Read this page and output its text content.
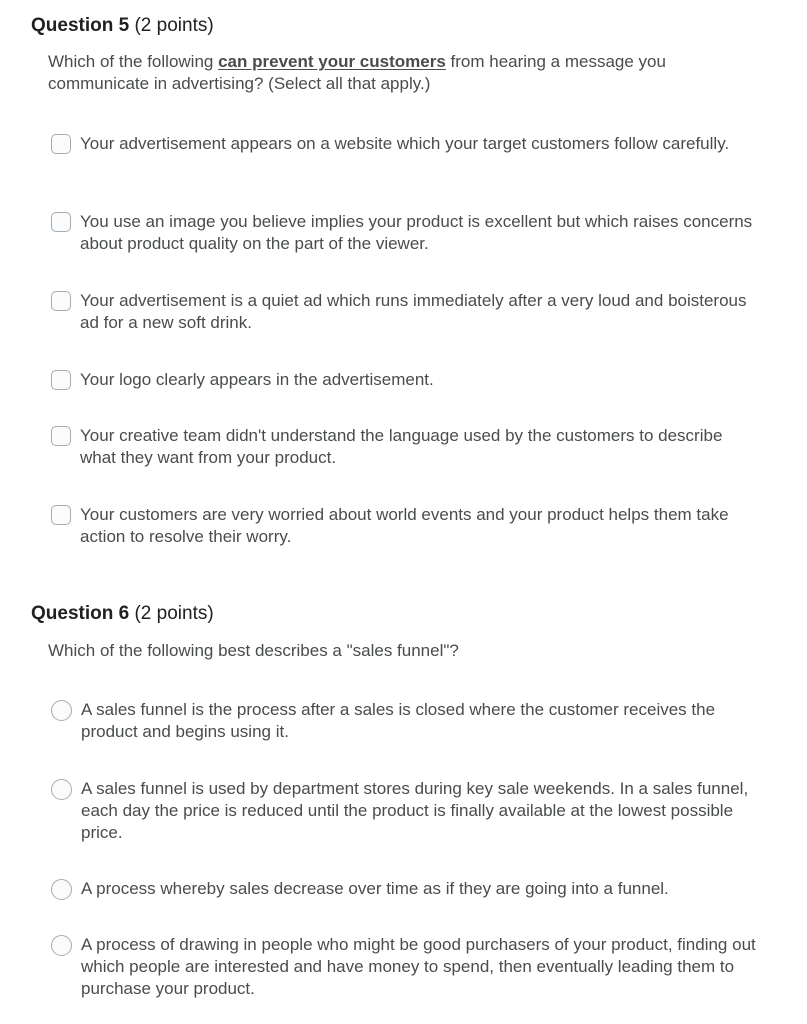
Question 5 (2 points)

Which of the following can prevent your customers from hearing a message you communicate in advertising? (Select all that apply.)

Your advertisement appears on a website which your target customers follow carefully.
You use an image you believe implies your product is excellent but which raises concerns about product quality on the part of the viewer.
Your advertisement is a quiet ad which runs immediately after a very loud and boisterous ad for a new soft drink.
Your logo clearly appears in the advertisement.
Your creative team didn't understand the language used by the customers to describe what they want from your product.
Your customers are very worried about world events and your product helps them take action to resolve their worry.
Question 6 (2 points)

Which of the following best describes a "sales funnel"?

A sales funnel is the process after a sales is closed where the customer receives the product and begins using it.
A sales funnel is used by department stores during key sale weekends. In a sales funnel, each day the price is reduced until the product is finally available at the lowest possible price.
A process whereby sales decrease over time as if they are going into a funnel.
A process of drawing in people who might be good purchasers of your product, finding out which people are interested and have money to spend, then eventually leading them to purchase your product.
